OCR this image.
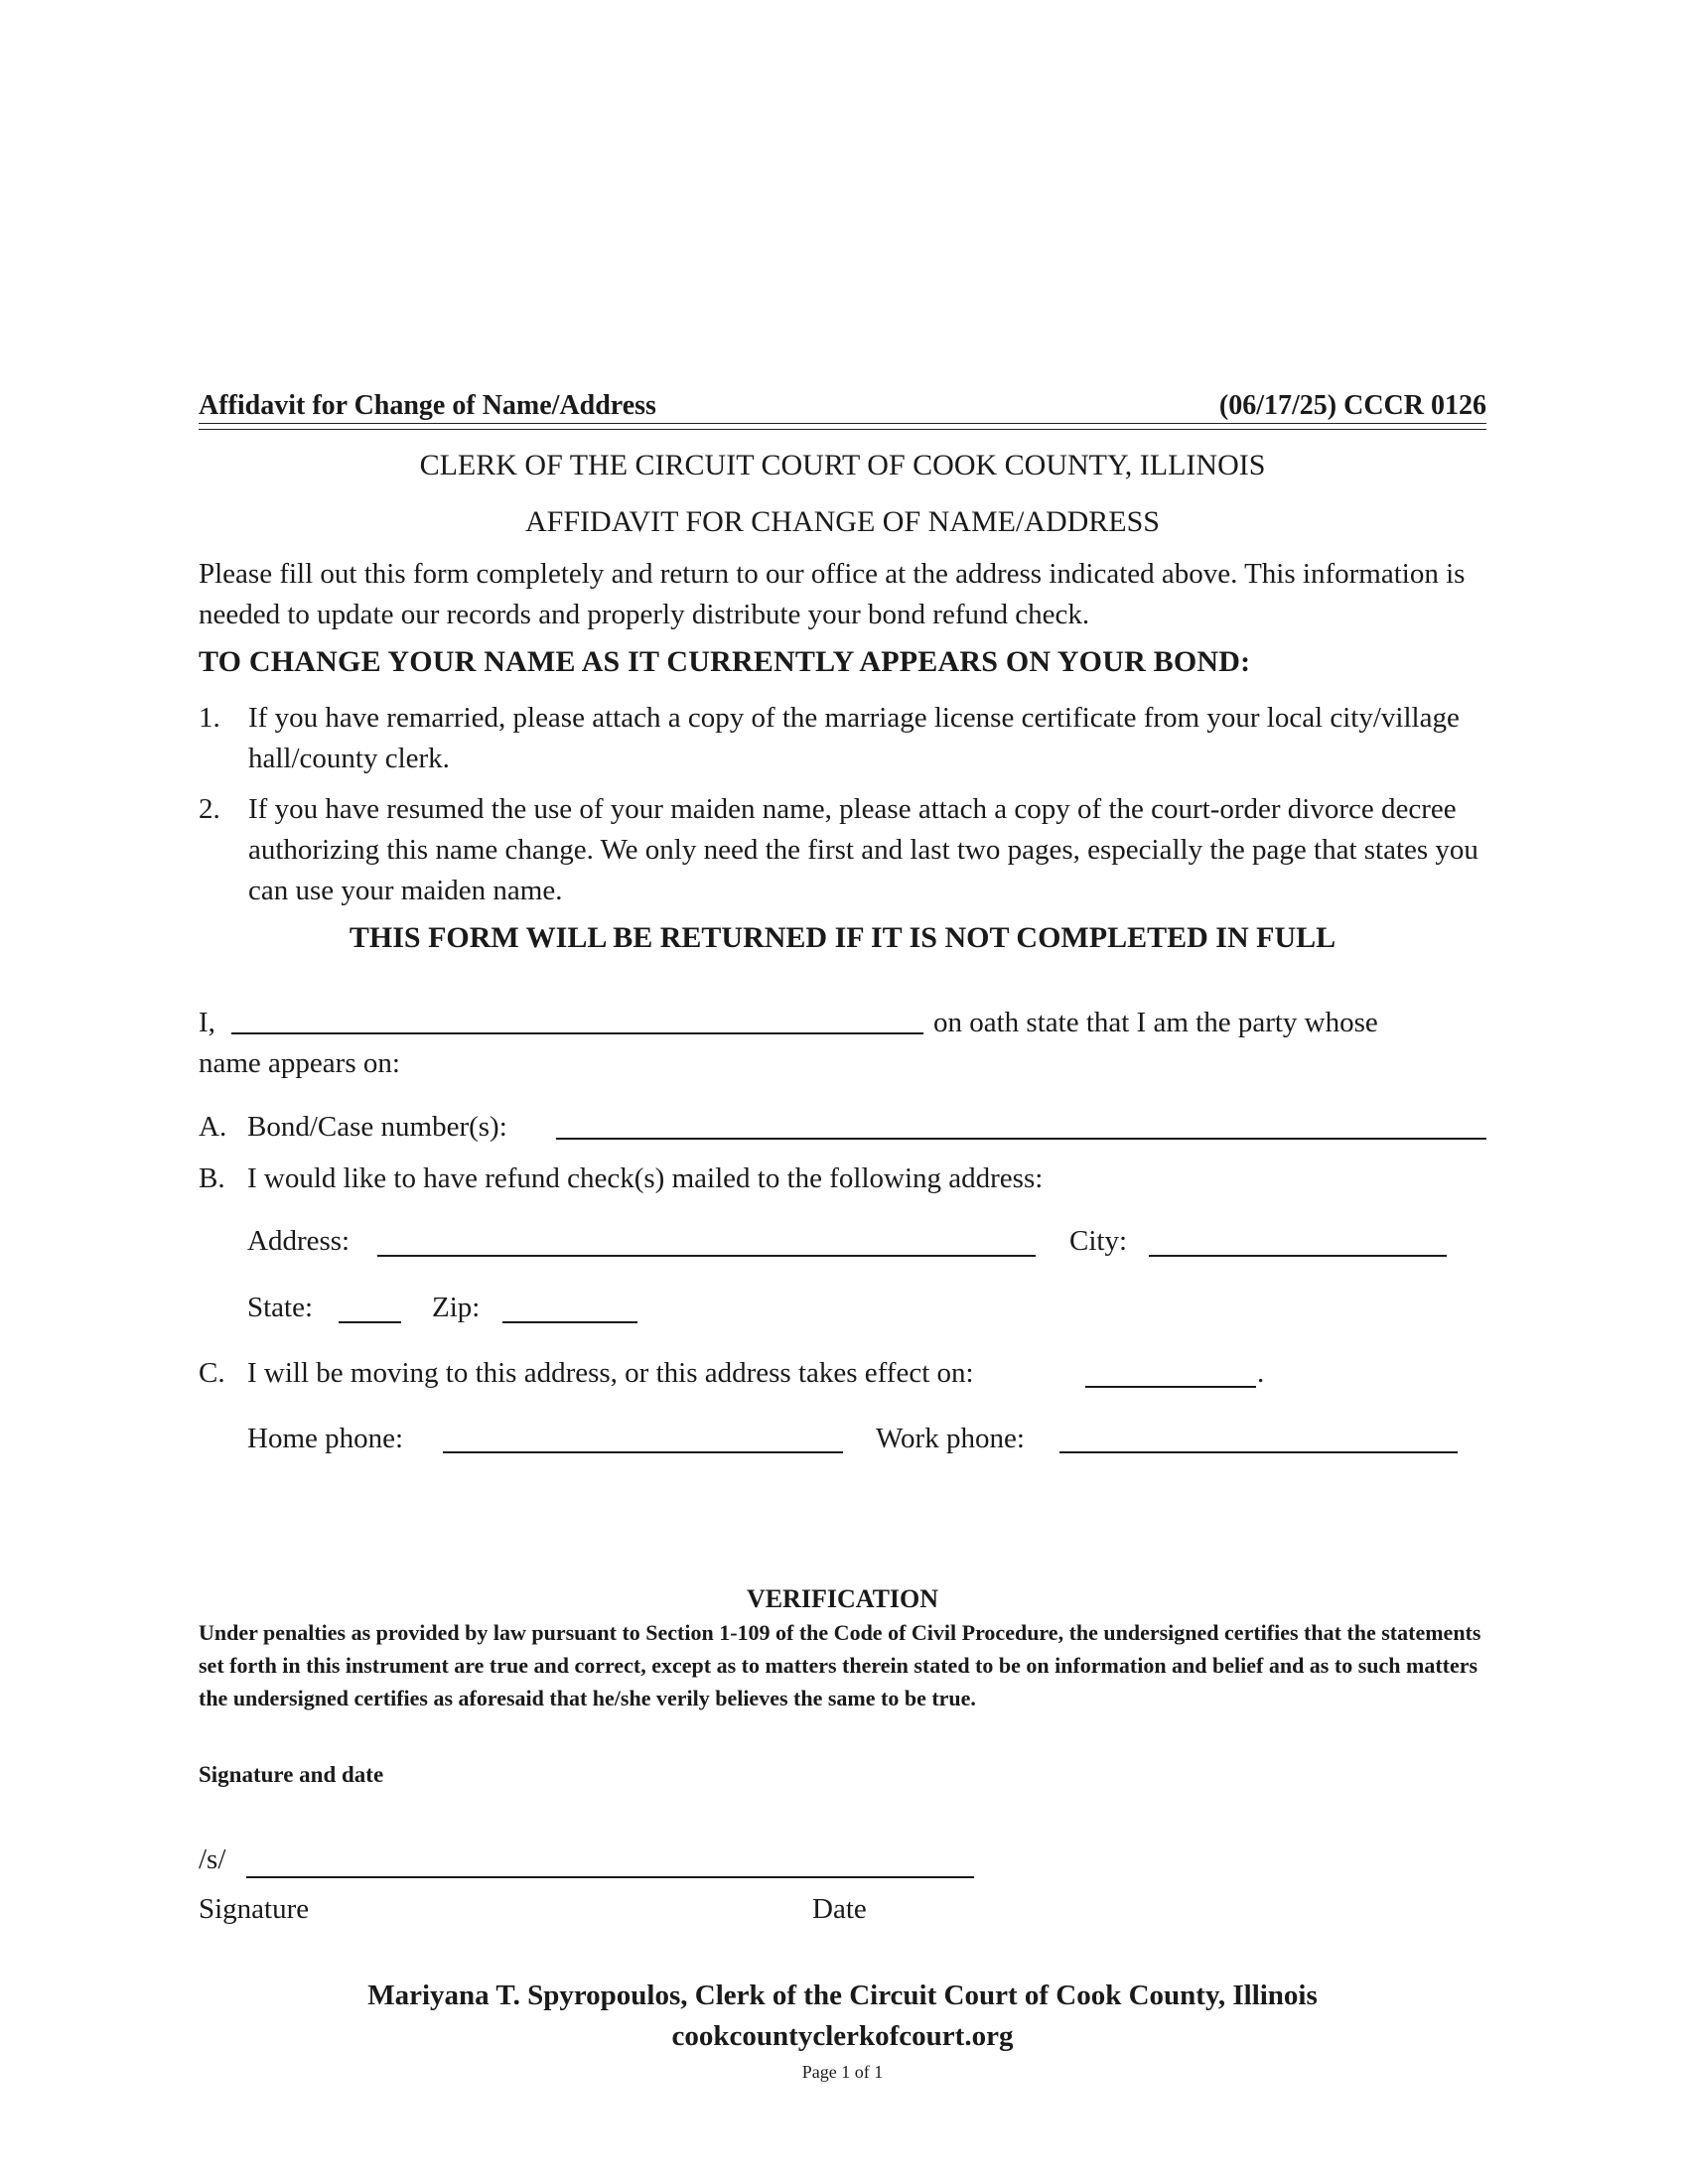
Affidavit for Change of Name/Address	(06/17/25) CCCR 0126
CLERK OF THE CIRCUIT COURT OF COOK COUNTY, ILLINOIS
AFFIDAVIT FOR CHANGE OF NAME/ADDRESS
Please fill out this form completely and return to our office at the address indicated above. This information is needed to update our records and properly distribute your bond refund check.
TO CHANGE YOUR NAME AS IT CURRENTLY APPEARS ON YOUR BOND:
1. If you have remarried, please attach a copy of the marriage license certificate from your local city/village hall/county clerk.
2. If you have resumed the use of your maiden name, please attach a copy of the court-order divorce decree authorizing this name change. We only need the first and last two pages, especially the page that states you can use your maiden name.
THIS FORM WILL BE RETURNED IF IT IS NOT COMPLETED IN FULL
I,	on oath state that I am the party whose
name appears on:
A. Bond/Case number(s):
B. I would like to have refund check(s) mailed to the following address:
Address:	City:
State:	Zip:
C. I will be moving to this address, or this address takes effect on:	.
Home phone:	Work phone:
VERIFICATION
Under penalties as provided by law pursuant to Section 1-109 of the Code of Civil Procedure, the undersigned certifies that the statements set forth in this instrument are true and correct, except as to matters therein stated to be on information and belief and as to such matters the undersigned certifies as aforesaid that he/she verily believes the same to be true.
Signature and date
/s/
Signature	Date
Mariyana T. Spyropoulos, Clerk of the Circuit Court of Cook County, Illinois
cookcountyclerkofcourt.org
Page 1 of 1
